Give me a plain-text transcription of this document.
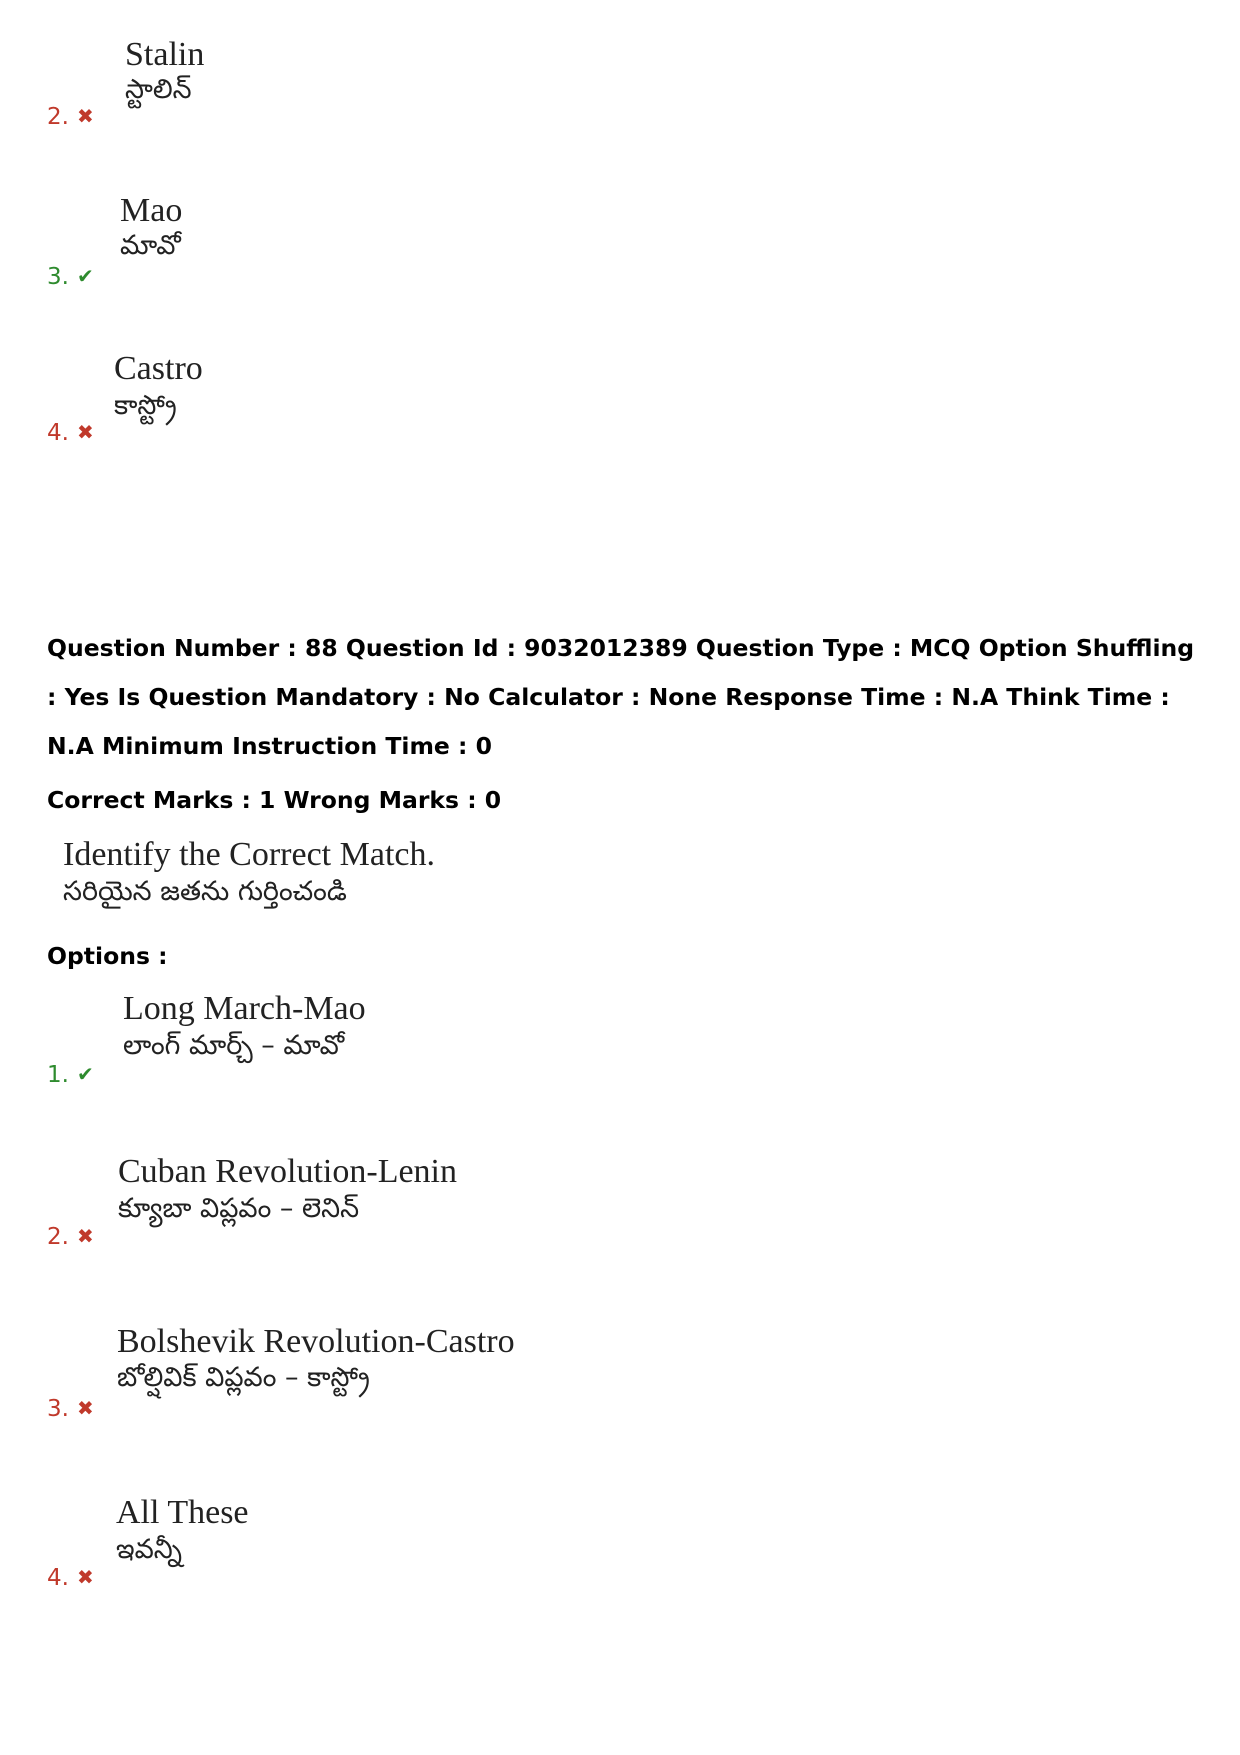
Stalin
స్టాలిన్
2. ✖
Mao
మావో
3. ✔
Castro
కాస్ట్రో
4. ✖
Question Number : 88 Question Id : 9032012389 Question Type : MCQ Option Shuffling : Yes Is Question Mandatory : No Calculator : None Response Time : N.A Think Time : N.A Minimum Instruction Time : 0
Correct Marks : 1 Wrong Marks : 0
Identify the Correct Match.
సరియైన జతను గుర్తించండి
Options :
Long March-Mao
లాంగ్ మార్చ్ – మావో
1. ✔
Cuban Revolution-Lenin
క్యూబా విప్లవం – లెనిన్
2. ✖
Bolshevik Revolution-Castro
బోల్షివిక్ విప్లవం – కాస్ట్రో
3. ✖
All These
ఇవన్నీ
4. ✖
